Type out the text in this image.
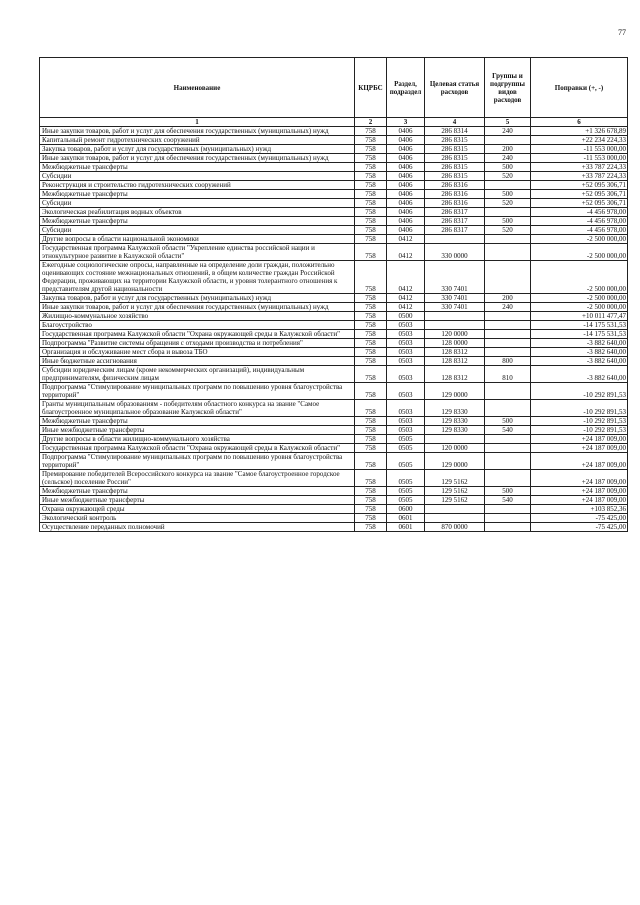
77
Наименование	КЦРБС	Раздел, подраздел	Целевая статья расходов	Группы и подгруппы видов расходов	Поправки (+, -)
1	2	3	4	5	6
Иные закупки товаров, работ и услуг для обеспечения государственных (муниципальных) нужд	758	0406	286 8314	240	+1 326 678,89
Капитальный ремонт гидротехнических сооружений	758	0406	286 8315		+22 234 224,33
Закупка товаров, работ и услуг для государственных (муниципальных) нужд	758	0406	286 8315	200	-11 553 000,00
Иные закупки товаров, работ и услуг для обеспечения государственных (муниципальных) нужд	758	0406	286 8315	240	-11 553 000,00
Межбюджетные трансферты	758	0406	286 8315	500	+33 787 224,33
Субсидии	758	0406	286 8315	520	+33 787 224,33
Реконструкция и строительство гидротехнических сооружений	758	0406	286 8316		+52 095 306,71
Межбюджетные трансферты	758	0406	286 8316	500	+52 095 306,71
Субсидии	758	0406	286 8316	520	+52 095 306,71
Экологическая реабилитация водных объектов	758	0406	286 8317		-4 456 978,00
Межбюджетные трансферты	758	0406	286 8317	500	-4 456 978,00
Субсидии	758	0406	286 8317	520	-4 456 978,00
Другие вопросы в области национальной экономики	758	0412			-2 500 000,00
Государственная программа Калужской области "Укрепление единства российской нации и этнокультурное развитие в Калужской области"	758	0412	330 0000		-2 500 000,00
Ежегодные социологические опросы, направленные на определение доли граждан, положительно оценивающих состояние межнациональных отношений, в общем количестве граждан Российской Федерации, проживающих на территории Калужской области, и уровня толерантного отношения к представителям другой национальности	758	0412	330 7401		-2 500 000,00
Закупка товаров, работ и услуг для государственных (муниципальных) нужд	758	0412	330 7401	200	-2 500 000,00
Иные закупки товаров, работ и услуг для обеспечения государственных (муниципальных) нужд	758	0412	330 7401	240	-2 500 000,00
Жилищно-коммунальное хозяйство	758	0500			+10 011 477,47
Благоустройство	758	0503			-14 175 531,53
Государственная программа Калужской области "Охрана окружающей среды в Калужской области"	758	0503	120 0000		-14 175 531,53
Подпрограмма "Развитие системы обращения с отходами производства и потребления"	758	0503	128 0000		-3 882 640,00
Организация и обслуживание мест сбора и вывоза ТБО	758	0503	128 8312		-3 882 640,00
Иные бюджетные ассигнования	758	0503	128 8312	800	-3 882 640,00
Субсидии юридическим лицам (кроме некоммерческих организаций), индивидуальным предпринимателям, физическим лицам	758	0503	128 8312	810	-3 882 640,00
Подпрограмма "Стимулирование муниципальных программ по повышению уровня благоустройства территорий"	758	0503	129 0000		-10 292 891,53
Гранты муниципальным образованиям - победителям областного конкурса на звание "Самое благоустроенное муниципальное образование Калужской области"	758	0503	129 8330		-10 292 891,53
Межбюджетные трансферты	758	0503	129 8330	500	-10 292 891,53
Иные межбюджетные трансферты	758	0503	129 8330	540	-10 292 891,53
Другие вопросы в области жилищно-коммунального хозяйства	758	0505			+24 187 009,00
Государственная программа Калужской области "Охрана окружающей среды в Калужской области"	758	0505	120 0000		+24 187 009,00
Подпрограмма "Стимулирование муниципальных программ по повышению уровня благоустройства территорий"	758	0505	129 0000		+24 187 009,00
Премирование победителей Всероссийского конкурса на звание "Самое благоустроенное городское (сельское) поселение России"	758	0505	129 5162		+24 187 009,00
Межбюджетные трансферты	758	0505	129 5162	500	+24 187 009,00
Иные межбюджетные трансферты	758	0505	129 5162	540	+24 187 009,00
Охрана окружающей среды	758	0600			+103 852,36
Экологический контроль	758	0601			-75 425,00
Осуществление переданных полномочий	758	0601	870 0000		-75 425,00
